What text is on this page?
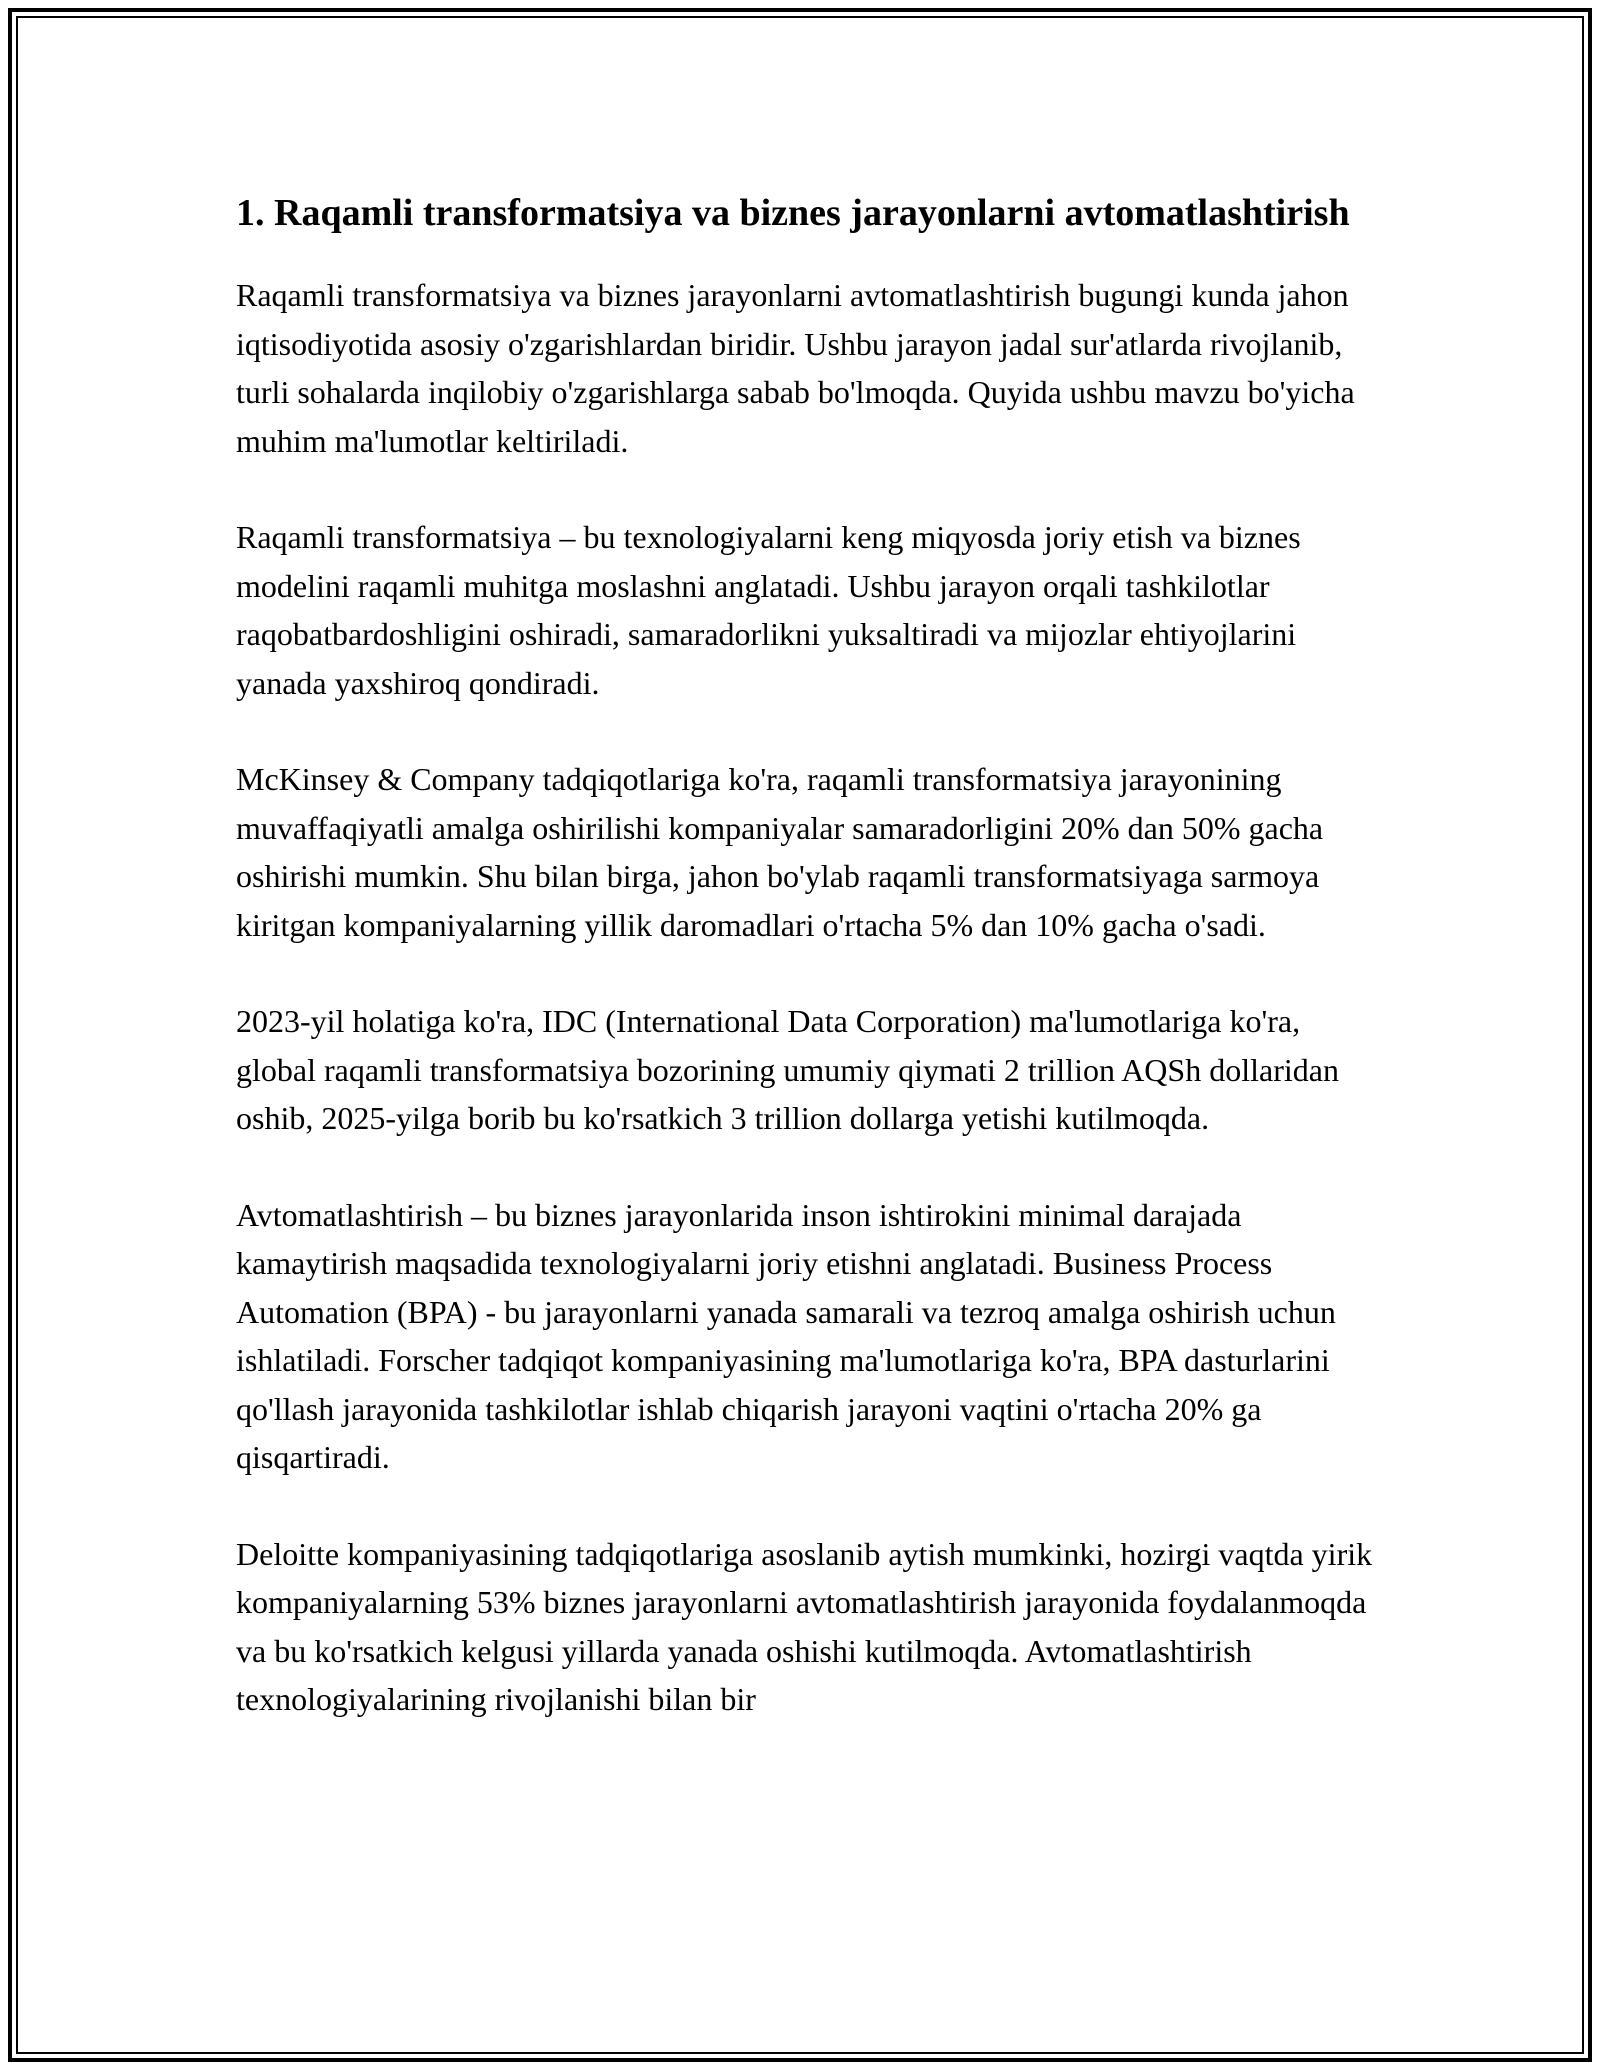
1. Raqamli transformatsiya va biznes jarayonlarni avtomatlashtirish

Raqamli transformatsiya va biznes jarayonlarni avtomatlashtirish bugungi kunda jahon iqtisodiyotida asosiy o'zgarishlardan biridir. Ushbu jarayon jadal sur'atlarda rivojlanib, turli sohalarda inqilobiy o'zgarishlarga sabab bo'lmoqda. Quyida ushbu mavzu bo'yicha muhim ma'lumotlar keltiriladi.

Raqamli transformatsiya – bu texnologiyalarni keng miqyosda joriy etish va biznes modelini raqamli muhitga moslashni anglatadi. Ushbu jarayon orqali tashkilotlar raqobatbardoshligini oshiradi, samaradorlikni yuksaltiradi va mijozlar ehtiyojlarini yanada yaxshiroq qondiradi.

McKinsey & Company tadqiqotlariga ko'ra, raqamli transformatsiya jarayonining muvaffaqiyatli amalga oshirilishi kompaniyalar samaradorligini 20% dan 50% gacha oshirishi mumkin. Shu bilan birga, jahon bo'ylab raqamli transformatsiyaga sarmoya kiritgan kompaniyalarning yillik daromadlari o'rtacha 5% dan 10% gacha o'sadi.

2023-yil holatiga ko'ra, IDC (International Data Corporation) ma'lumotlariga ko'ra, global raqamli transformatsiya bozorining umumiy qiymati 2 trillion AQSh dollaridan oshib, 2025-yilga borib bu ko'rsatkich 3 trillion dollarga yetishi kutilmoqda.

Avtomatlashtirish – bu biznes jarayonlarida inson ishtirokini minimal darajada kamaytirish maqsadida texnologiyalarni joriy etishni anglatadi. Business Process Automation (BPA) - bu jarayonlarni yanada samarali va tezroq amalga oshirish uchun ishlatiladi. Forscher tadqiqot kompaniyasining ma'lumotlariga ko'ra, BPA dasturlarini qo'llash jarayonida tashkilotlar ishlab chiqarish jarayoni vaqtini o'rtacha 20% ga qisqartiradi.

Deloitte kompaniyasining tadqiqotlariga asoslanib aytish mumkinki, hozirgi vaqtda yirik kompaniyalarning 53% biznes jarayonlarni avtomatlashtirish jarayonida foydalanmoqda va bu ko'rsatkich kelgusi yillarda yanada oshishi kutilmoqda. Avtomatlashtirish texnologiyalarining rivojlanishi bilan bir
